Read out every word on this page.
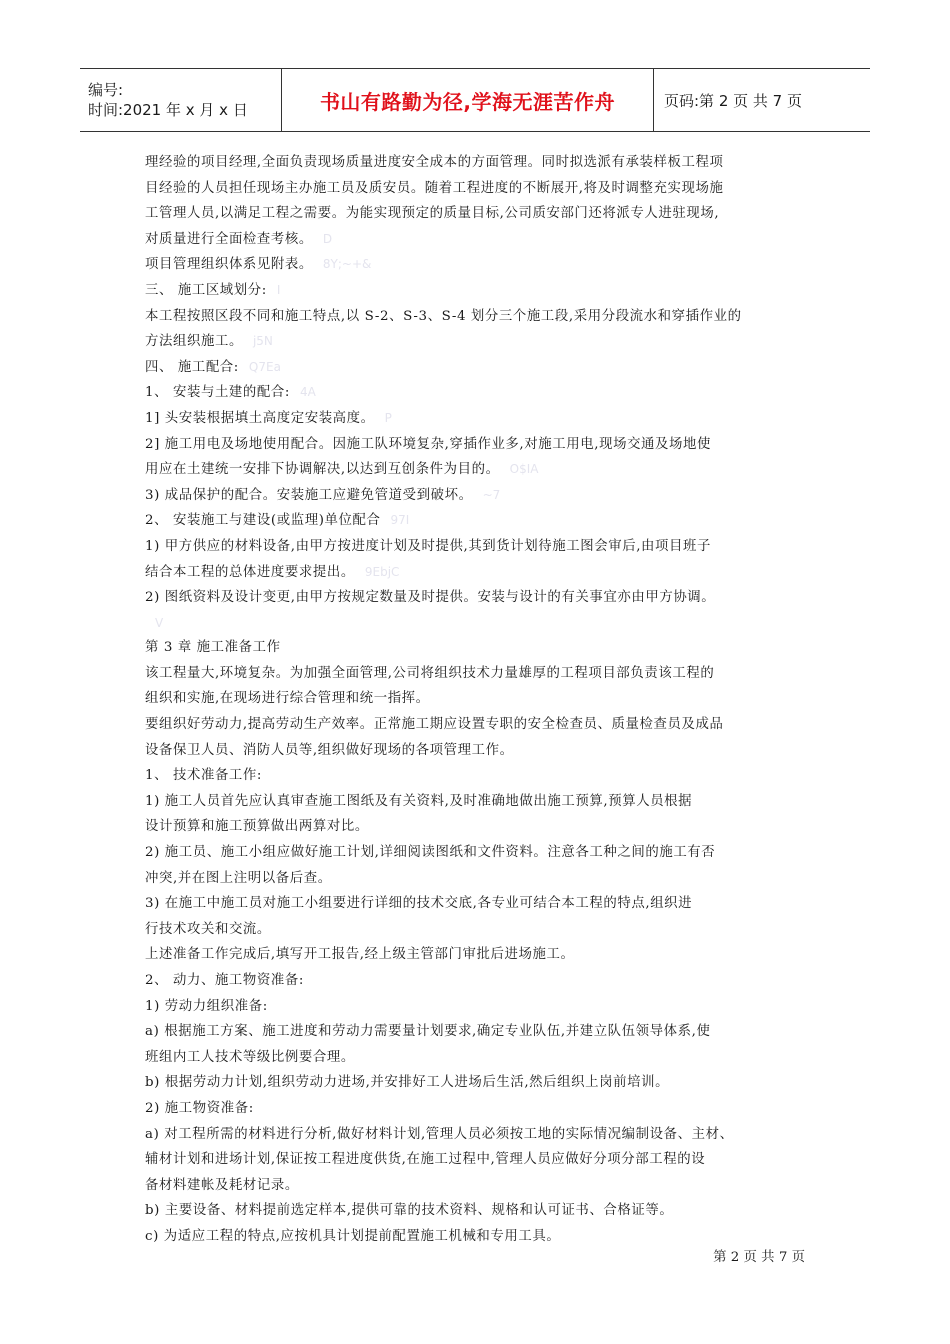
编号:
时间:2021 年 x 月 x 日	书山有路勤为径,学海无涯苦作舟	页码:第 2 页 共 7 页

理经验的项目经理,全面负责现场质量进度安全成本的方面管理。同时拟选派有承装样板工程项

目经验的人员担任现场主办施工员及质安员。随着工程进度的不断展开,将及时调整充实现场施

工管理人员,以满足工程之需要。为能实现预定的质量目标,公司质安部门还将派专人进驻现场,

对质量进行全面检查考核。 D

项目管理组织体系见附表。 8Y;~+&

三、 施工区域划分: I

本工程按照区段不同和施工特点,以 S-2、S-3、S-4 划分三个施工段,采用分段流水和穿插作业的

方法组织施工。 j5N

四、 施工配合: Q7Ea

1、 安装与土建的配合: 4A

1] 头安装根据填土高度定安装高度。 P

2] 施工用电及场地使用配合。因施工队环境复杂,穿插作业多,对施工用电,现场交通及场地使

用应在土建统一安排下协调解决,以达到互创条件为目的。 O$IA

3) 成品保护的配合。安装施工应避免管道受到破坏。 ~7

2、 安装施工与建设(或监理)单位配合 97I

1) 甲方供应的材料设备,由甲方按进度计划及时提供,其到货计划待施工图会审后,由项目班子

结合本工程的总体进度要求提出。 9EbjC

2) 图纸资料及设计变更,由甲方按规定数量及时提供。安装与设计的有关事宜亦由甲方协调。

V

第 3 章 施工准备工作

该工程量大,环境复杂。为加强全面管理,公司将组织技术力量雄厚的工程项目部负责该工程的

组织和实施,在现场进行综合管理和统一指挥。

要组织好劳动力,提高劳动生产效率。正常施工期应设置专职的安全检查员、质量检查员及成品

设备保卫人员、消防人员等,组织做好现场的各项管理工作。

1、 技术准备工作:

1) 施工人员首先应认真审查施工图纸及有关资料,及时准确地做出施工预算,预算人员根据

设计预算和施工预算做出两算对比。

2) 施工员、施工小组应做好施工计划,详细阅读图纸和文件资料。注意各工种之间的施工有否

冲突,并在图上注明以备后查。

3) 在施工中施工员对施工小组要进行详细的技术交底,各专业可结合本工程的特点,组织进

行技术攻关和交流。

上述准备工作完成后,填写开工报告,经上级主管部门审批后进场施工。

2、 动力、施工物资准备:

1) 劳动力组织准备:

a) 根据施工方案、施工进度和劳动力需要量计划要求,确定专业队伍,并建立队伍领导体系,使

班组内工人技术等级比例要合理。

b) 根据劳动力计划,组织劳动力进场,并安排好工人进场后生活,然后组织上岗前培训。

2) 施工物资准备:

a) 对工程所需的材料进行分析,做好材料计划,管理人员必须按工地的实际情况编制设备、主材、

辅材计划和进场计划,保证按工程进度供货,在施工过程中,管理人员应做好分项分部工程的设

备材料建帐及耗材记录。

b) 主要设备、材料提前选定样本,提供可靠的技术资料、规格和认可证书、合格证等。

c) 为适应工程的特点,应按机具计划提前配置施工机械和专用工具。

第 2 页 共 7 页
